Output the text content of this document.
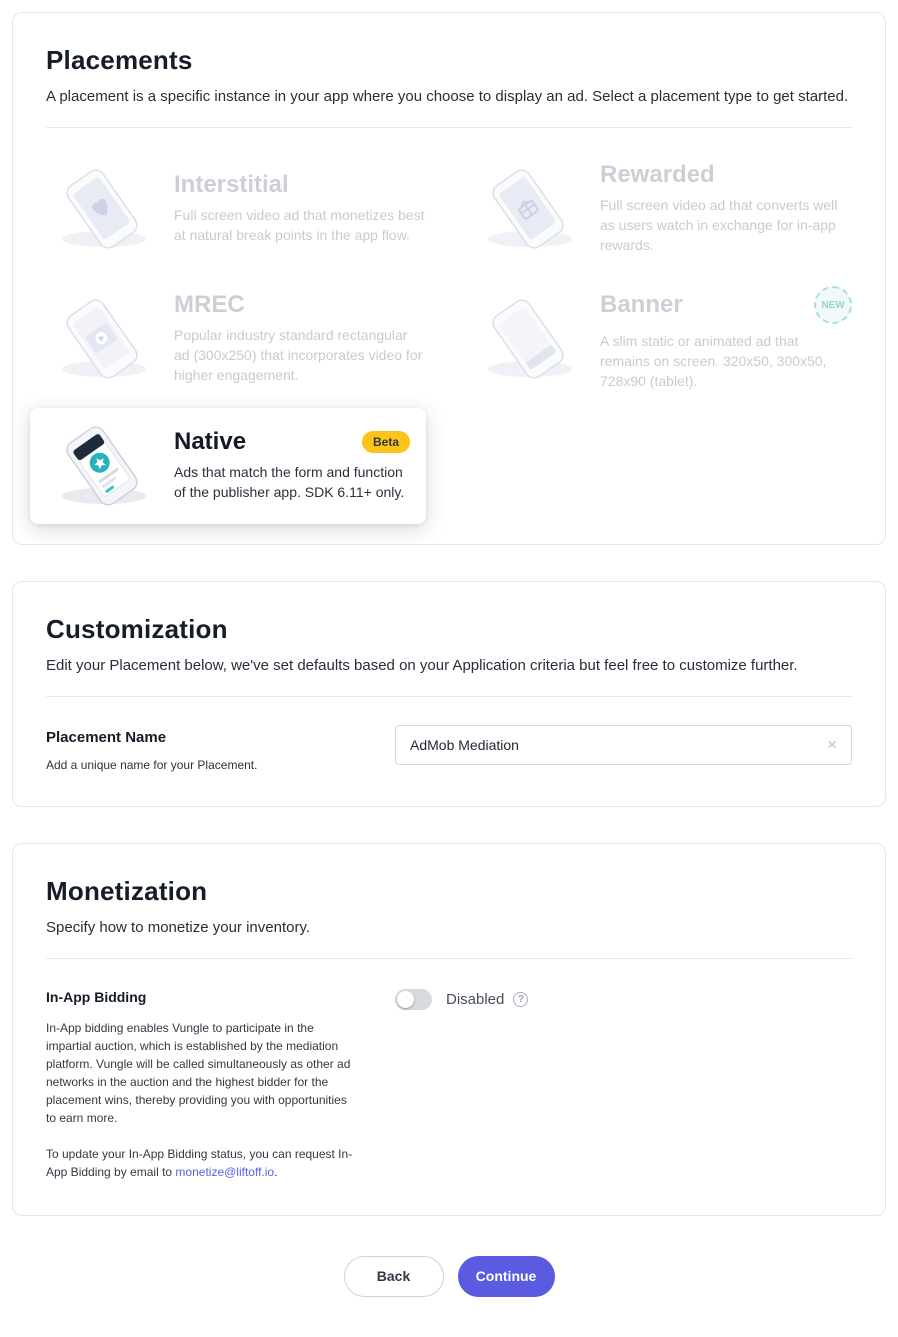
Placements

A placement is a specific instance in your app where you choose to display an ad. Select a placement type to get started.

Interstitial

Full screen video ad that monetizes best at natural break points in the app flow.

Rewarded

Full screen video ad that converts well as users watch in exchange for in-app rewards.

MREC

Popular industry standard rectangular ad (300x250) that incorporates video for higher engagement.

Banner	NEW

A slim static or animated ad that remains on screen. 320x50, 300x50, 728x90 (tablet).

Native	Beta

Ads that match the form and function of the publisher app. SDK 6.11+ only.

Customization

Edit your Placement below, we've set defaults based on your Application criteria but feel free to customize further.

Placement Name
Add a unique name for your Placement.
AdMob Mediation
×
Monetization

Specify how to monetize your inventory.

In-App Bidding

In-App bidding enables Vungle to participate in the impartial auction, which is established by the mediation platform. Vungle will be called simultaneously as other ad networks in the auction and the highest bidder for the placement wins, thereby providing you with opportunities to earn more.

To update your In-App Bidding status, you can request In-App Bidding by email to monetize@liftoff.io.

Disabled	?
Back	Continue
